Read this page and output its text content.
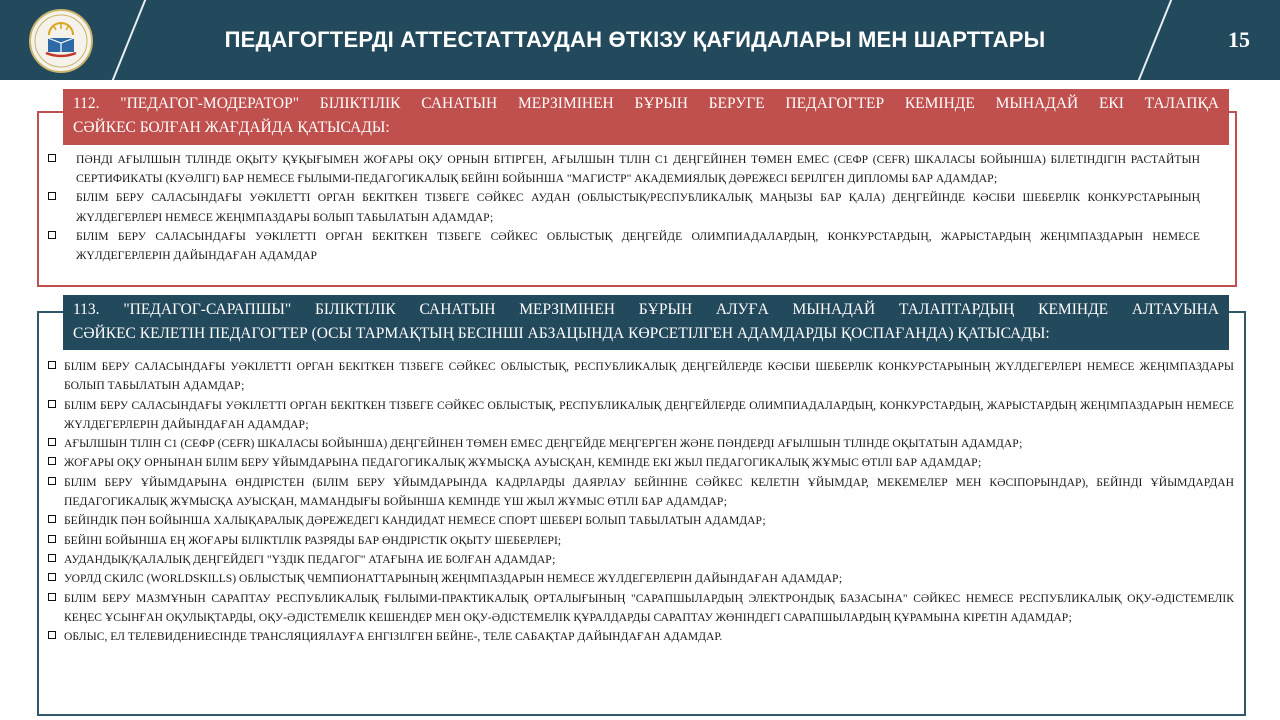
ПЕДАГОГТЕРДІ АТТЕСТАТТАУДАН ӨТКІЗУ ҚАҒИДАЛАРЫ МЕН ШАРТТАРЫ	15
112. "ПЕДАГОГ-МОДЕРАТОР" БІЛІКТІЛІК САНАТЫН МЕРЗІМІНЕН БҰРЫН БЕРУГЕ ПЕДАГОГТЕР КЕМІНДЕ МЫНАДАЙ ЕКІ ТАЛАПҚА
СӘЙКЕС БОЛҒАН ЖАҒДАЙДА ҚАТЫСАДЫ:
ПӘНДІ АҒЫЛШЫН ТІЛІНДЕ ОҚЫТУ ҚҰҚЫҒЫМЕН ЖОҒАРЫ ОҚУ ОРНЫН БІТІРГЕН, АҒЫЛШЫН ТІЛІН С1 ДЕҢГЕЙІНЕН ТӨМЕН ЕМЕС (СЕФР (CEFR) ШКАЛАСЫ БОЙЫНША) БІЛЕТІНДІГІН РАСТАЙТЫН СЕРТИФИКАТЫ (КУӘЛІГІ) БАР НЕМЕСЕ ҒЫЛЫМИ-ПЕДАГОГИКАЛЫҚ БЕЙІНІ БОЙЫНША "МАГИСТР" АКАДЕМИЯЛЫҚ ДӘРЕЖЕСІ БЕРІЛГЕН ДИПЛОМЫ БАР АДАМДАР;
БІЛІМ БЕРУ САЛАСЫНДАҒЫ УӘКІЛЕТТІ ОРГАН БЕКІТКЕН ТІЗБЕГЕ СӘЙКЕС АУДАН (ОБЛЫСТЫҚ/РЕСПУБЛИКАЛЫҚ МАҢЫЗЫ БАР ҚАЛА) ДЕҢГЕЙІНДЕ КӘСІБИ ШЕБЕРЛІК КОНКУРСТАРЫНЫҢ ЖҮЛДЕГЕРЛЕРІ НЕМЕСЕ ЖЕҢІМПАЗДАРЫ БОЛЫП ТАБЫЛАТЫН АДАМДАР;
БІЛІМ БЕРУ САЛАСЫНДАҒЫ УӘКІЛЕТТІ ОРГАН БЕКІТКЕН ТІЗБЕГЕ СӘЙКЕС ОБЛЫСТЫҚ ДЕҢГЕЙДЕ ОЛИМПИАДАЛАРДЫҢ, КОНКУРСТАРДЫҢ, ЖАРЫСТАРДЫҢ ЖЕҢІМПАЗДАРЫН НЕМЕСЕ ЖҮЛДЕГЕРЛЕРІН ДАЙЫНДАҒАН АДАМДАР
113. "ПЕДАГОГ-САРАПШЫ" БІЛІКТІЛІК САНАТЫН МЕРЗІМІНЕН БҰРЫН АЛУҒА МЫНАДАЙ ТАЛАПТАРДЫҢ КЕМІНДЕ АЛТАУЫНА
СӘЙКЕС КЕЛЕТІН ПЕДАГОГТЕР (ОСЫ ТАРМАҚТЫҢ БЕСІНШІ АБЗАЦЫНДА КӨРСЕТІЛГЕН АДАМДАРДЫ ҚОСПАҒАНДА) ҚАТЫСАДЫ:
БІЛІМ БЕРУ САЛАСЫНДАҒЫ УӘКІЛЕТТІ ОРГАН БЕКІТКЕН ТІЗБЕГЕ СӘЙКЕС ОБЛЫСТЫҚ, РЕСПУБЛИКАЛЫҚ ДЕҢГЕЙЛЕРДЕ КӘСІБИ ШЕБЕРЛІК КОНКУРСТАРЫНЫҢ ЖҮЛДЕГЕРЛЕРІ НЕМЕСЕ ЖЕҢІМПАЗДАРЫ БОЛЫП ТАБЫЛАТЫН АДАМДАР;
БІЛІМ БЕРУ САЛАСЫНДАҒЫ УӘКІЛЕТТІ ОРГАН БЕКІТКЕН ТІЗБЕГЕ СӘЙКЕС ОБЛЫСТЫҚ, РЕСПУБЛИКАЛЫҚ ДЕҢГЕЙЛЕРДЕ ОЛИМПИАДАЛАРДЫҢ, КОНКУРСТАРДЫҢ, ЖАРЫСТАРДЫҢ ЖЕҢІМПАЗДАРЫН НЕМЕСЕ ЖҮЛДЕГЕРЛЕРІН ДАЙЫНДАҒАН АДАМДАР;
АҒЫЛШЫН ТІЛІН С1 (СЕФР (CEFR) ШКАЛАСЫ БОЙЫНША) ДЕҢГЕЙІНЕН ТӨМЕН ЕМЕС ДЕҢГЕЙДЕ МЕҢГЕРГЕН ЖӘНЕ ПӘНДЕРДІ АҒЫЛШЫН ТІЛІНДЕ ОҚЫТАТЫН АДАМДАР;
ЖОҒАРЫ ОҚУ ОРНЫНАН БІЛІМ БЕРУ ҰЙЫМДАРЫНА ПЕДАГОГИКАЛЫҚ ЖҰМЫСҚА АУЫСҚАН, КЕМІНДЕ ЕКІ ЖЫЛ ПЕДАГОГИКАЛЫҚ ЖҰМЫС ӨТІЛІ БАР АДАМДАР;
БІЛІМ БЕРУ ҰЙЫМДАРЫНА ӨНДІРІСТЕН (БІЛІМ БЕРУ ҰЙЫМДАРЫНДА КАДРЛАРДЫ ДАЯРЛАУ БЕЙІНІНЕ СӘЙКЕС КЕЛЕТІН ҰЙЫМДАР, МЕКЕМЕЛЕР МЕН КӘСІПОРЫНДАР), БЕЙІНДІ ҰЙЫМДАРДАН ПЕДАГОГИКАЛЫҚ ЖҰМЫСҚА АУЫСҚАН, МАМАНДЫҒЫ БОЙЫНША КЕМІНДЕ ҮШ ЖЫЛ ЖҰМЫС ӨТІЛІ БАР АДАМДАР;
БЕЙІНДІК ПӘН БОЙЫНША ХАЛЫҚАРАЛЫҚ ДӘРЕЖЕДЕГІ КАНДИДАТ НЕМЕСЕ СПОРТ ШЕБЕРІ БОЛЫП ТАБЫЛАТЫН АДАМДАР;
БЕЙІНІ БОЙЫНША ЕҢ ЖОҒАРЫ БІЛІКТІЛІК РАЗРЯДЫ БАР ӨНДІРІСТІК ОҚЫТУ ШЕБЕРЛЕРІ;
АУДАНДЫҚ/ҚАЛАЛЫҚ ДЕҢГЕЙДЕГІ "ҮЗДІК ПЕДАГОГ" АТАҒЫНА ИЕ БОЛҒАН АДАМДАР;
УОРЛД СКИЛС (WORLDSKILLS) ОБЛЫСТЫҚ ЧЕМПИОНАТТАРЫНЫҢ ЖЕҢІМПАЗДАРЫН НЕМЕСЕ ЖҮЛДЕГЕРЛЕРІН ДАЙЫНДАҒАН АДАМДАР;
БІЛІМ БЕРУ МАЗМҰНЫН САРАПТАУ РЕСПУБЛИКАЛЫҚ ҒЫЛЫМИ-ПРАКТИКАЛЫҚ ОРТАЛЫҒЫНЫҢ "САРАПШЫЛАРДЫҢ ЭЛЕКТРОНДЫҚ БАЗАСЫНА" СӘЙКЕС НЕМЕСЕ РЕСПУБЛИКАЛЫҚ ОҚУ-ӘДІСТЕМЕЛІК КЕҢЕС ҰСЫНҒАН ОҚУЛЫҚТАРДЫ, ОҚУ-ӘДІСТЕМЕЛІК КЕШЕНДЕР МЕН ОҚУ-ӘДІСТЕМЕЛІК ҚҰРАЛДАРДЫ САРАПТАУ ЖӨНІНДЕГІ САРАПШЫЛАРДЫҢ ҚҰРАМЫНА КІРЕТІН АДАМДАР;
ОБЛЫС, ЕЛ ТЕЛЕВИДЕНИЕСІНДЕ ТРАНСЛЯЦИЯЛАУҒА ЕНГІЗІЛГЕН БЕЙНЕ-, ТЕЛЕ САБАҚТАР ДАЙЫНДАҒАН АДАМДАР.
